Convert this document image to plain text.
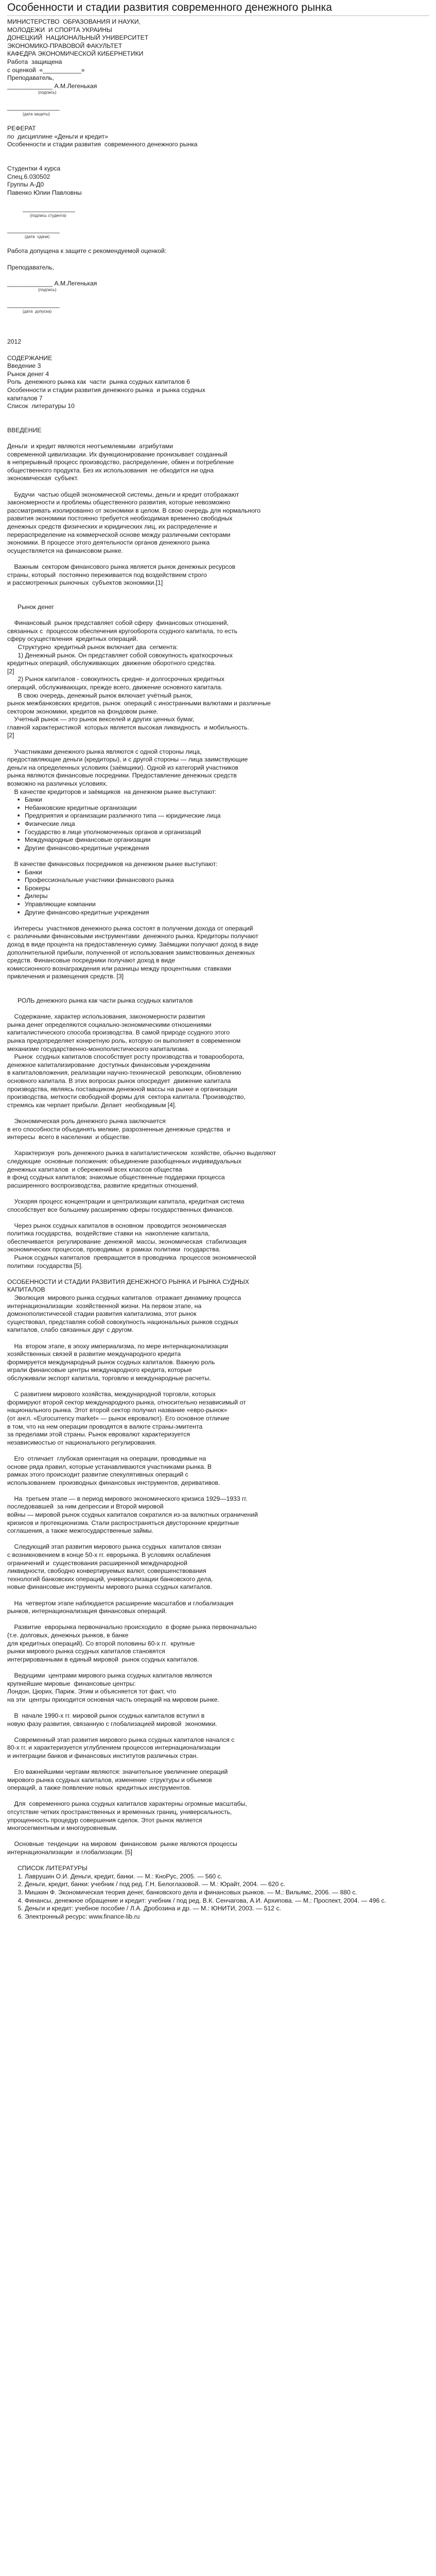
Особенности и стадии развития современного денежного рынка

МИНИСТЕРСТВО  ОБРАЗОВАНИЯ И НАУКИ,

МОЛОДЕЖИ  И СПОРТА УКРАИНЫ

ДОНЕЦКИЙ  НАЦИОНАЛЬНЫЙ УНИВЕРСИТЕТ

ЭКОНОМИКО-ПРАВОВОЙ ФАКУЛЬТЕТ

КАФЕДРА ЭКОНОМИЧЕСКОЙ КИБЕРНЕТИКИ

Работа  защищена

с оценкой  «___________»

Преподаватель,

_____________ А.М.Легенькая

(подпись)

_______________

(дата защиты)

РЕФЕРАТ

по  дисциплине «Деньги и кредит»

Особенности и стадии развития  современного денежного рынка

Студентки 4 курса

Спец.6.030502

Группы А-Д0

Павенко Юлии Павловны

_______________

(подпись студента)

_______________

(дата  сдачи)

Работа допущена к защите с рекомендуемой оценкой:

Преподаватель,

_____________ А.М.Легенькая

(подпись)

_______________

(дата  допуска)

2012

СОДЕРЖАНИЕ

Введение 3

Рынок денег 4

Роль  денежного рынка как  части  рынка ссудных капиталов 6

Особенности и стадии развития денежного рынка  и рынка ссудных

капиталов 7

Список  литературы 10

ВВЕДЕНИЕ

Деньги  и кредит являются неотъемлемыми  атрибутами

современной цивилизации. Их функционирование пронизывает созданный

в непрерывный процесс производство, распределение, обмен и потребление

общественного продукта. Без их использования  не обходится ни одна

экономическая  субъект.

Будучи  частью общей экономической системы, деньги и кредит отображают

закономерности и проблемы общественного развития, которые невозможно

рассматривать изолированно от экономики в целом. В свою очередь для нормального

развития экономики постоянно требуется необходимая временно свободных

денежных средств физических и юридических лиц, их распределение и

перераспределение на коммерческой основе между различными секторами

экономики. В процессе этого деятельности органов денежного рынка

осуществляется на финансовом рынке.

Важным  сектором финансового рынка является рынок денежных ресурсов

страны, который  постоянно переживается под воздействием строго

и рассмотренных рыночных  субъектов экономики.[1]

Рынок денег

Финансовый  рынок представляет собой сферу  финансовых отношений,

связанных с  процессом обеспечения кругооборота ссудного капитала, то есть

сферу осуществления  кредитных операций.

Структурно  кредитный рынок включает два  сегмента:

1) Денежный рынок. Он представляет собой совокупность краткосрочных

кредитных операций, обслуживающих  движение оборотного средства.

[2]

2) Рынок капиталов - совокупность средне- и долгосрочных кредитных

операций, обслуживающих, прежде всего, движение основного капитала.

В свою очередь, денежный рынок включает учётный рынок,

рынок межбанковских кредитов, рынок  операций с иностранными валютами и различные

сектором экономики, кредитов на фондовом рынке.

Учетный рынок — это рынок векселей и других ценных бумаг,

главной характеристикой  которых является высокая ликвидность  и мобильность.

[2]

Участниками денежного рынка являются с одной стороны лица,

предоставляющие деньги (кредиторы), и с другой стороны — лица заимствующие

деньги на определенных условиях (заёмщики). Одной из категорий участников

рынка являются финансовые посредники. Предоставление денежных средств

возможно на различных условиях.

В качестве кредиторов и заёмщиков  на денежном рынке выступают:

■ Банки
■ Небанковские кредитные организации
■ Предприятия и организации различного типа — юридические лица
■ Физические лица
■ Государство в лице уполномоченных органов и организаций
■ Международные финансовые организации
■ Другие финансово-кредитные учреждения

В качестве финансовых посредников на денежном рынке выступают:

■ Банки
■ Профессиональные участники финансового рынка
■ Брокеры
■ Дилеры
■ Управляющие компании
■ Другие финансово-кредитные учреждения

Интересы  участников денежного рынка состоят в получении дохода от операций

с  различными финансовыми инструментами  денежного рынка. Кредиторы получают

доход в виде процента на предоставленную сумму. Заёмщики получают доход в виде

дополнительной прибыли, полученной от использования заимствованных денежных

средств. Финансовые посредники получают доход в виде

комиссионного вознаграждения или разницы между процентными  ставками

привлечения и размещения средств. [3]

РОЛЬ денежного рынка как части рынка ссудных капиталов

Содержание, характер использования, закономерности развития

рынка денег определяются социально-экономическими отношениями

капиталистического способа производства. В самой природе ссудного этого

рынка предопределяет конкретную роль, которую он выполняет в современном

механизме государственно-монополистического капитализма.

Рынок  ссудных капиталов способствует росту производства и товарооборота,

денежное капитализирование  доступных финансовым учреждениям

в капиталовложения, реализации научно-технической  революции, обновлению

основного капитала. В этих вопросах рынок опосредует  движение капитала

производства, являясь поставщиком денежной массы на рынке и организации

производства, меткости свободной формы для  сектора капитала. Производство,

стремясь как черпает прибыли. Делает  необходимым [4].

Экономическая роль денежного рынка заключается

в его способности объединять мелкие, разрозненные денежные средства  и

интересы  всего в населении  и обществе.

Характеризуя  роль денежного рынка в капиталистическом  хозяйстве, обычно выделяют

следующие  основные положения: объединение разобщенных индивидуальных

денежных капиталов  и сбережений всех классов общества

в фонд ссудных капиталов; знакомые общественные поддержки процесса

расширенного воспроизводства, развитие кредитных отношений.

Ускоряя процесс концентрации и централизации капитала, кредитная система

способствует все большему расширению сферы государственных финансов.

Через рынок ссудных капиталов в основном  проводится экономическая

политика государства,  воздействие ставки на  накопление капитала,

обеспечивается  регулирование  денежной  массы, экономическая  стабилизация

экономических процессов, проводимых  в рамках политики  государства.

Рынок ссудных капиталов  превращается в проводника  процессов экономической

политики  государства [5].

ОСОБЕННОСТИ И СТАДИИ РАЗВИТИЯ ДЕНЕЖНОГО РЫНКА И РЫНКА СУДНЫХ

КАПИТАЛОВ

Эволюция  мирового рынка ссудных капиталов  отражает динамику процесса

интернационализации  хозяйственной жизни. На первом этапе, на

домонополистической стадии развития капитализма, этот рынок

существовал, представляя собой совокупность национальных рынков ссудных

капиталов, слабо связанных друг с другом.

На  втором этапе, в эпоху империализма, по мере интернационализации

хозяйственных связей в развитие международного кредита

формируется международный рынок ссудных капиталов. Важную роль

играли финансовые центры международного кредита, которые

обслуживали экспорт капитала, торговлю и международные расчеты.

С развитием мирового хозяйства, международной торговли, которых

формируют второй сектор международного рынка, относительно независимый от

национального рынка. Этот второй сектор получил название «евро-рынок»

(от англ. «Eurocurrency market» — рынок евровалют). Его основное отличие

в том, что на нем операции проводятся в валюте страны-эмитента

за пределами этой страны. Рынок евровалют характеризуется

независимостью от национального регулирования.

Его  отличает  глубокая ориентация на операции, проводимые на

основе ряда правил, которые устанавливаются участниками рынка. В

рамках этого происходит развитие спекулятивных операций с

использованием  производных финансовых инструментов, деривативов.

На  третьем этапе — в период мирового экономического кризиса 1929—1933 гг.

последовавшей  за ним депрессии и Второй мировой

войны — мировой рынок ссудных капиталов сократился из-за валютных ограничений

кризисов и протекционизма. Стали распространяться двусторонние кредитные

соглашения, а также межгосударственные займы.

Следующий этап развития мирового рынка ссудных  капиталов связан

с возникновением в конце 50-х гг. еврорынка. В условиях ослабления

ограничений и  существования расширенной международной

ликвидности, свободно конвертируемых валют, совершенствования

технологий банковских операций, универсализации банковского дела,

новые финансовые инструменты мирового рынка ссудных капиталов.

На  четвертом этапе наблюдается расширение масштабов и глобализация

рынков, интернационализация финансовых операций.

Развитие  еврорынка первоначально происходило  в форме рынка первоначально

(т.е. долговых, денежных рынков, в банке

для кредитных операций). Со второй половины 60-х гг.  крупные

рынки мирового рынка ссудных капиталов становятся

интегрированными в единый мировой  рынок ссудных капиталов.

Ведущими  центрами мирового рынка ссудных капиталов являются

крупнейшие мировые  финансовые центры:

Лондон, Цюрих, Париж. Этим и объясняется тот факт, что

на эти  центры приходится основная часть операций на мировом рынке.

В  начале 1990-х гг. мировой рынок ссудных капиталов вступил в

новую фазу развития, связанную с глобализацией мировой  экономики.

Современный этап развития мирового рынка ссудных капиталов начался с

80-х гг. и характеризуется углублением процессов интернационализации

и интеграции банков и финансовых институтов различных стран.

Его важнейшими чертами являются: значительное увеличение операций

мирового рынка ссудных капиталов, изменение  структуры и объемов

операций, а также появление новых  кредитных инструментов.

Для  современного рынка ссудных капиталов характерны огромные масштабы,

отсутствие четких пространственных и временных границ, универсальность,

упрощенность процедур совершения сделок. Этот рынок является

многосегментным и многоуровневым.

Основные  тенденции  на мировом  финансовом  рынке являются процессы

интернационализации  и глобализации. [5]

СПИСОК ЛИТЕРАТУРЫ

1. Лаврушин О.И. Деньги, кредит, банки. — М.: КноРус, 2005. — 560 с.
2. Деньги, кредит, банки: учебник / под ред. Г.Н. Белоглазовой. — М.: Юрайт, 2004. — 620 с.
3. Мишкин Ф. Экономическая теория денег, банковского дела и финансовых рынков. — М.: Вильямс, 2006. — 880 с.
4. Финансы, денежное обращение и кредит: учебник / под ред. В.К. Сенчагова, А.И. Архипова. — М.: Проспект, 2004. — 496 с.
5. Деньги и кредит: учебное пособие / Л.А. Дробозина и др. — М.: ЮНИТИ, 2003. — 512 с.
6. Электронный ресурс: www.finance-lib.ru
